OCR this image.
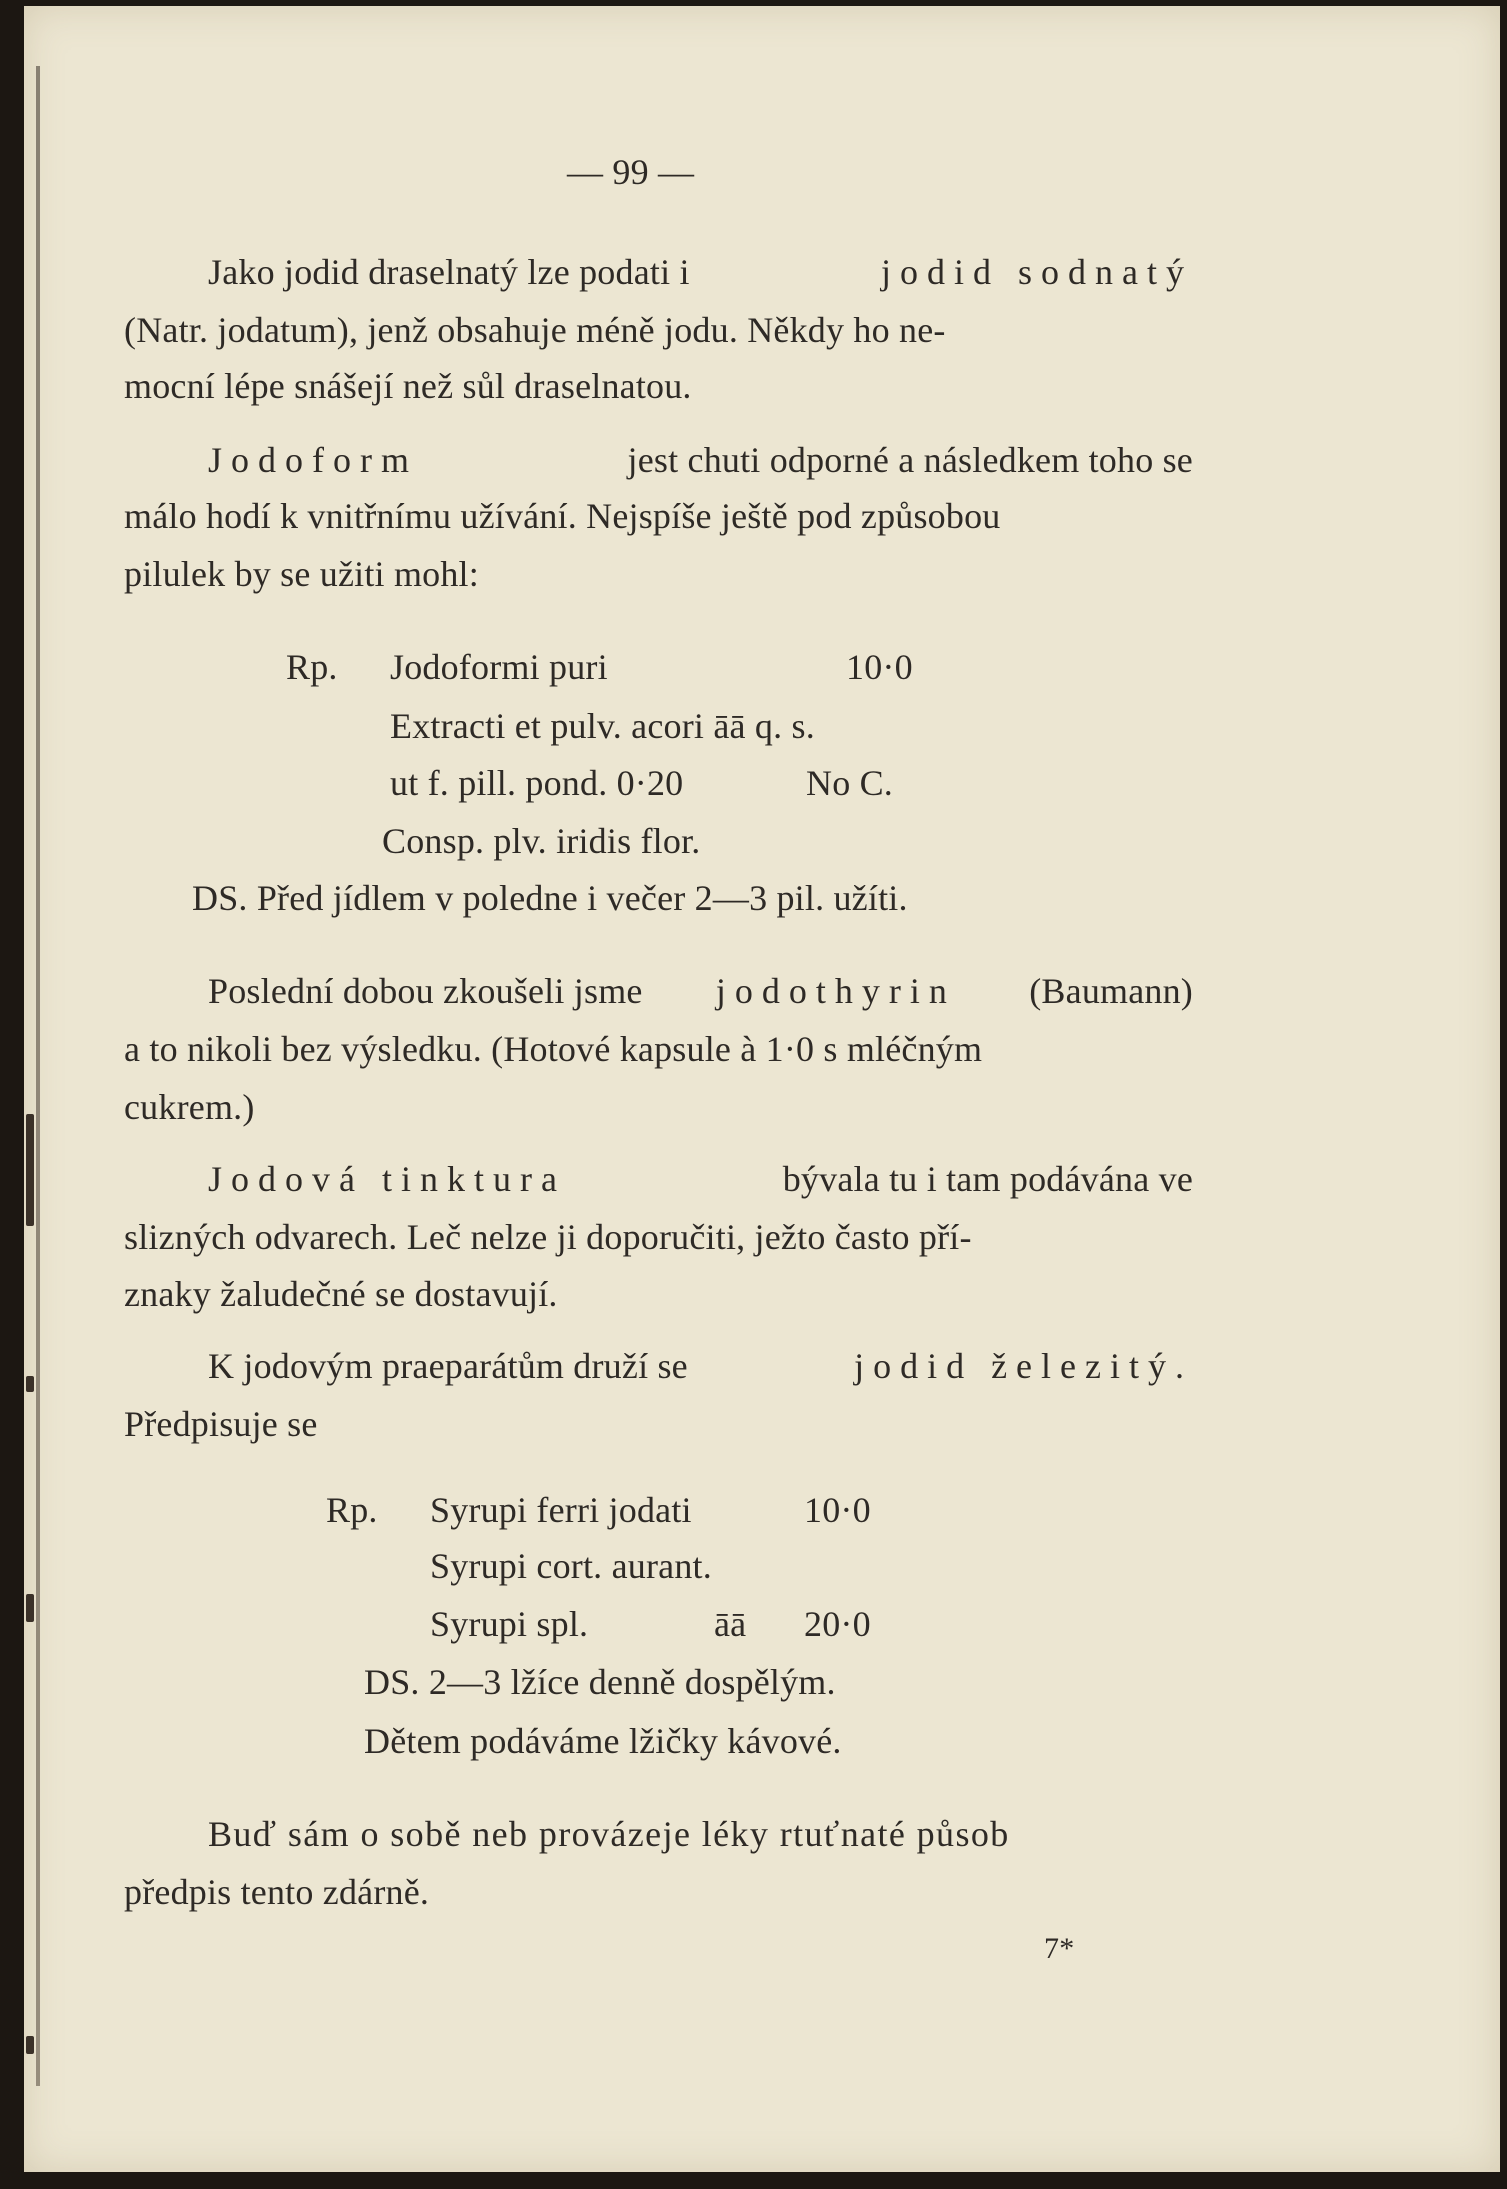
— 99 —
Jako jodid draselnatý lze podati i	jodid sodnatý
(Natr. jodatum), jenž obsahuje méně jodu. Někdy ho ne-
mocní lépe snášejí než sůl draselnatou.
Jodoform	jest chuti odporné a následkem toho se
málo hodí k vnitřnímu užívání. Nejspíše ještě pod způsobou
pilulek by se užiti mohl:
Rp. Jodoformi puri	10·0
Extracti et pulv. acori āā q. s.
ut f. pill. pond. 0·20	No C.
Consp. plv. iridis flor.
DS. Před jídlem v poledne i večer 2—3 pil. užíti.
Poslední dobou zkoušeli jsme jodothyrin (Baumann)
a to nikoli bez výsledku. (Hotové kapsule à 1·0 s mléčným
cukrem.)
Jodová tinktura	bývala tu i tam podávána ve
slizných odvarech. Leč nelze ji doporučiti, ježto často pří-
znaky žaludečné se dostavují.
K jodovým praeparátům druží se	jodid železitý.
Předpisuje se
Rp. Syrupi ferri jodati	10·0
Syrupi cort. aurant.
Syrupi spl.	āā 20·0
DS. 2—3 lžíce denně dospělým.
Dětem podáváme lžičky kávové.
Buď sám o sobě neb provázeje léky rtuťnaté působ
předpis tento zdárně.
7*
